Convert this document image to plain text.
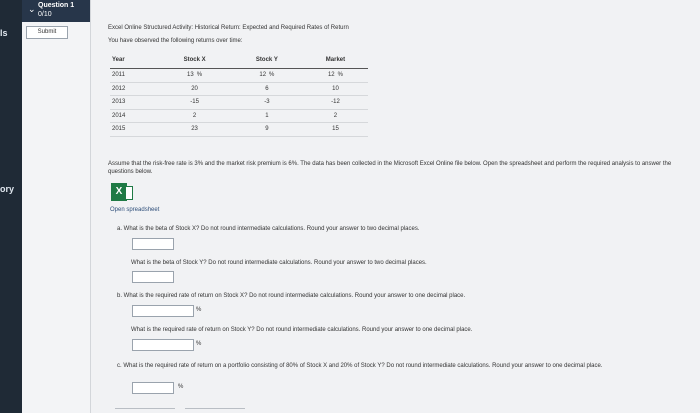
ls
ory
⌄ Question 1
0/10
Submit
Excel Online Structured Activity: Historical Return: Expected and Required Rates of Return
You have observed the following returns over time:
Year	Stock X	Stock Y	Market
2011	13 %	12 %	12 %
2012	20	6	10
2013	-15	-3	-12
2014	2	1	2
2015	23	9	15
Assume that the risk-free rate is 3% and the market risk premium is 6%. The data has been collected in the Microsoft Excel Online file below. Open the spreadsheet and perform the required analysis to answer the questions below.
X
Open spreadsheet
a. What is the beta of Stock X? Do not round intermediate calculations. Round your answer to two decimal places.
What is the beta of Stock Y? Do not round intermediate calculations. Round your answer to two decimal places.
b. What is the required rate of return on Stock X? Do not round intermediate calculations. Round your answer to one decimal place.
%
What is the required rate of return on Stock Y? Do not round intermediate calculations. Round your answer to one decimal place.
%
c. What is the required rate of return on a portfolio consisting of 80% of Stock X and 20% of Stock Y? Do not round intermediate calculations. Round your answer to one decimal place.
%
